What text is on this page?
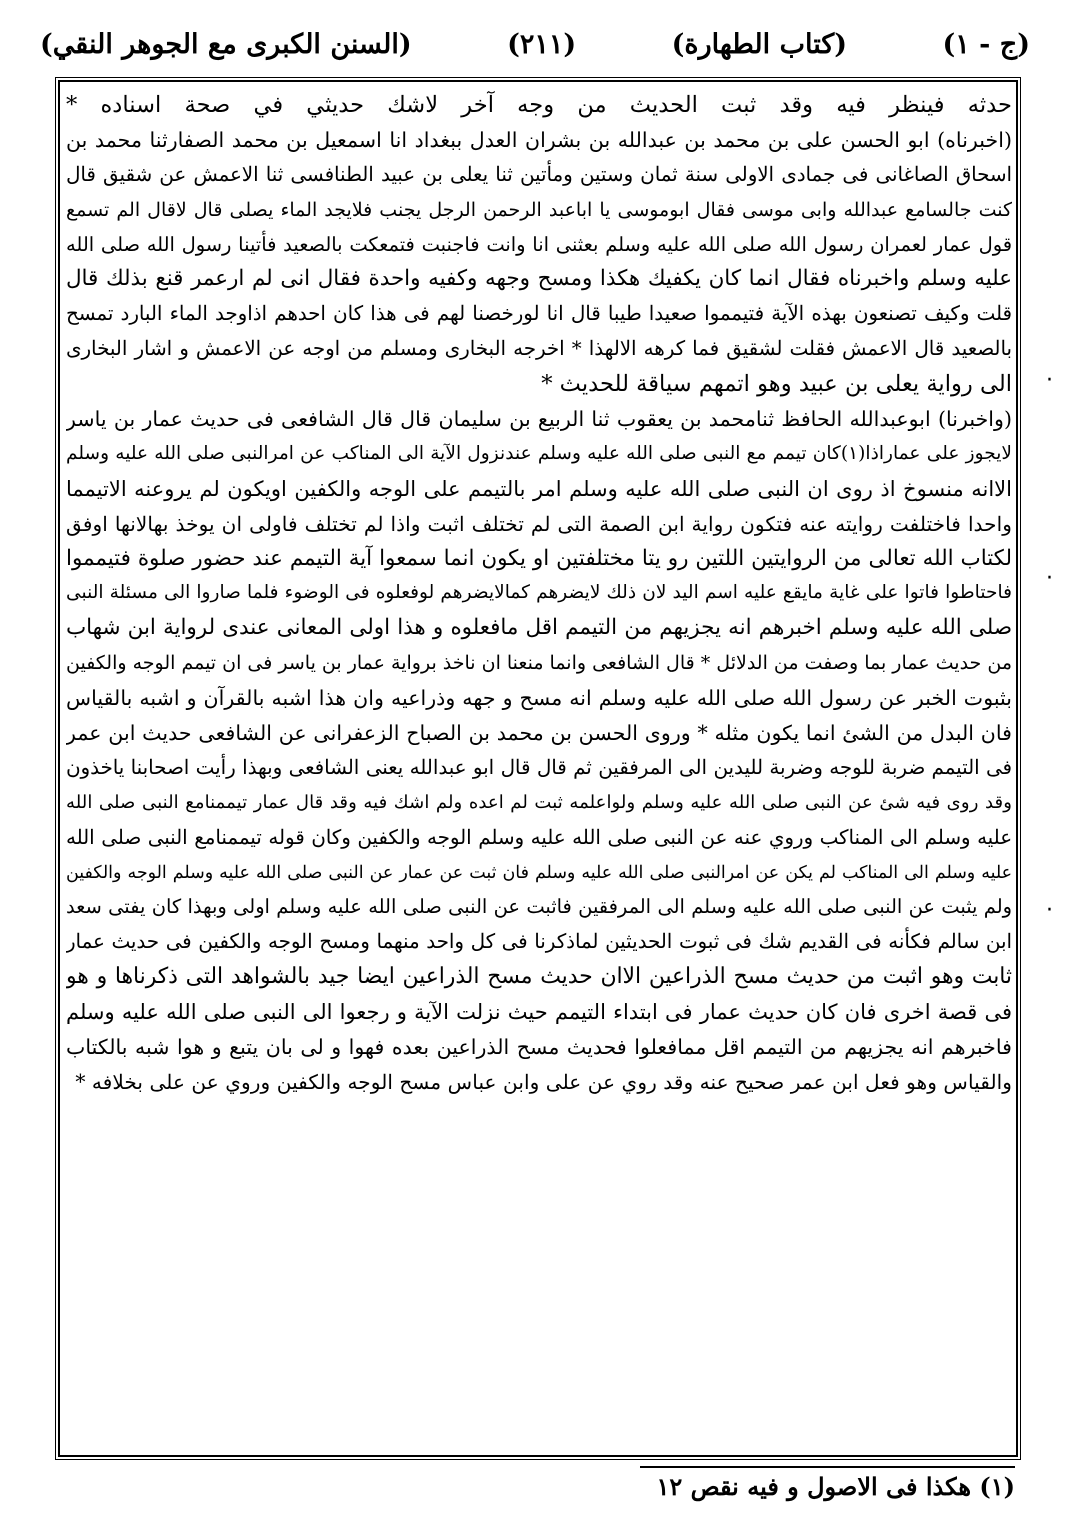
(السنن الكبرى مع الجوهر النقي)	(٢١١)	(كتاب الطهارة)	(ج - ١)
·
·
·
حدثه فينظر فيه وقد ثبت الحديث من وجه آخر لاشك حديثي في صحة اسناده *
(اخبرناه) ابو الحسن على بن محمد بن عبدالله بن بشران العدل ببغداد انا اسمعيل بن محمد الصفارثنا محمد بن
اسحاق الصاغانى فى جمادى الاولى سنة ثمان وستين ومأتين ثنا يعلى بن عبيد الطنافسى ثنا الاعمش عن شقيق قال
كنت جالسامع عبدالله وابى موسى فقال ابوموسى يا اباعبد الرحمن الرجل يجنب فلايجد الماء يصلى قال لاقال الم تسمع
قول عمار لعمران رسول الله صلى الله عليه وسلم بعثنى انا وانت فاجنبت فتمعكت بالصعيد فأتينا رسول الله صلى الله
عليه وسلم واخبرناه فقال انما كان يكفيك هكذا ومسح وجهه وكفيه واحدة فقال انى لم ارعمر قنع بذلك قال
قلت وكيف تصنعون بهذه الآية فتيمموا صعيدا طيبا قال انا لورخصنا لهم فى هذا كان احدهم اذاوجد الماء البارد تمسح
بالصعيد قال الاعمش فقلت لشقيق فما كرهه الالهذا * اخرجه البخارى ومسلم من اوجه عن الاعمش و اشار البخارى
الى رواية يعلى بن عبيد وهو اتمهم سياقة للحديث *
(واخبرنا) ابوعبدالله الحافظ ثنامحمد بن يعقوب ثنا الربيع بن سليمان قال قال الشافعى فى حديث عمار بن ياسر
لايجوز على عماراذا(١)كان تيمم مع النبى صلى الله عليه وسلم عندنزول الآية الى المناكب عن امرالنبى صلى الله عليه وسلم
الاانه منسوخ اذ روى ان النبى صلى الله عليه وسلم امر بالتيمم على الوجه والكفين اويكون لم يروعنه الاتيمما
واحدا فاختلفت روايته عنه فتكون رواية ابن الصمة التى لم تختلف اثبت واذا لم تختلف فاولى ان يوخذ بهالانها اوفق
لكتاب الله تعالى من الروايتين اللتين رو يتا مختلفتين او يكون انما سمعوا آية التيمم عند حضور صلوة فتيمموا
فاحتاطوا فاتوا على غاية مايقع عليه اسم اليد لان ذلك لايضرهم كمالايضرهم لوفعلوه فى الوضوء فلما صاروا الى مسئلة النبى
صلى الله عليه وسلم اخبرهم انه يجزيهم من التيمم اقل مافعلوه و هذا اولى المعانى عندى لرواية ابن شهاب
من حديث عمار بما وصفت من الدلائل * قال الشافعى وانما منعنا ان ناخذ برواية عمار بن ياسر فى ان تيمم الوجه والكفين
بثبوت الخبر عن رسول الله صلى الله عليه وسلم انه مسح و جهه وذراعيه وان هذا اشبه بالقرآن و اشبه بالقياس
فان البدل من الشئ انما يكون مثله * وروى الحسن بن محمد بن الصباح الزعفرانى عن الشافعى حديث ابن عمر
فى التيمم ضربة للوجه وضربة لليدين الى المرفقين ثم قال قال ابو عبدالله يعنى الشافعى وبهذا رأيت اصحابنا ياخذون
وقد روى فيه شئ عن النبى صلى الله عليه وسلم ولواعلمه ثبت لم اعده ولم اشك فيه وقد قال عمار تيممنامع النبى صلى الله
عليه وسلم الى المناكب وروي عنه عن النبى صلى الله عليه وسلم الوجه والكفين وكان قوله تيممنامع النبى صلى الله
عليه وسلم الى المناكب لم يكن عن امرالنبى صلى الله عليه وسلم فان ثبت عن عمار عن النبى صلى الله عليه وسلم الوجه والكفين
ولم يثبت عن النبى صلى الله عليه وسلم الى المرفقين فاثبت عن النبى صلى الله عليه وسلم اولى وبهذا كان يفتى سعد
ابن سالم فكأنه فى القديم شك فى ثبوت الحديثين لماذكرنا فى كل واحد منهما ومسح الوجه والكفين فى حديث عمار
ثابت وهو اثبت من حديث مسح الذراعين الاان حديث مسح الذراعين ايضا جيد بالشواهد التى ذكرناها و هو
فى قصة اخرى فان كان حديث عمار فى ابتداء التيمم حيث نزلت الآية و رجعوا الى النبى صلى الله عليه وسلم
فاخبرهم انه يجزيهم من التيمم اقل ممافعلوا فحديث مسح الذراعين بعده فهوا و لى بان يتبع و هوا شبه بالكتاب
والقياس وهو فعل ابن عمر صحيح عنه وقد روي عن على وابن عباس مسح الوجه والكفين وروي عن على بخلافه *
(١) هكذا فى الاصول و فيه نقص ١٢
